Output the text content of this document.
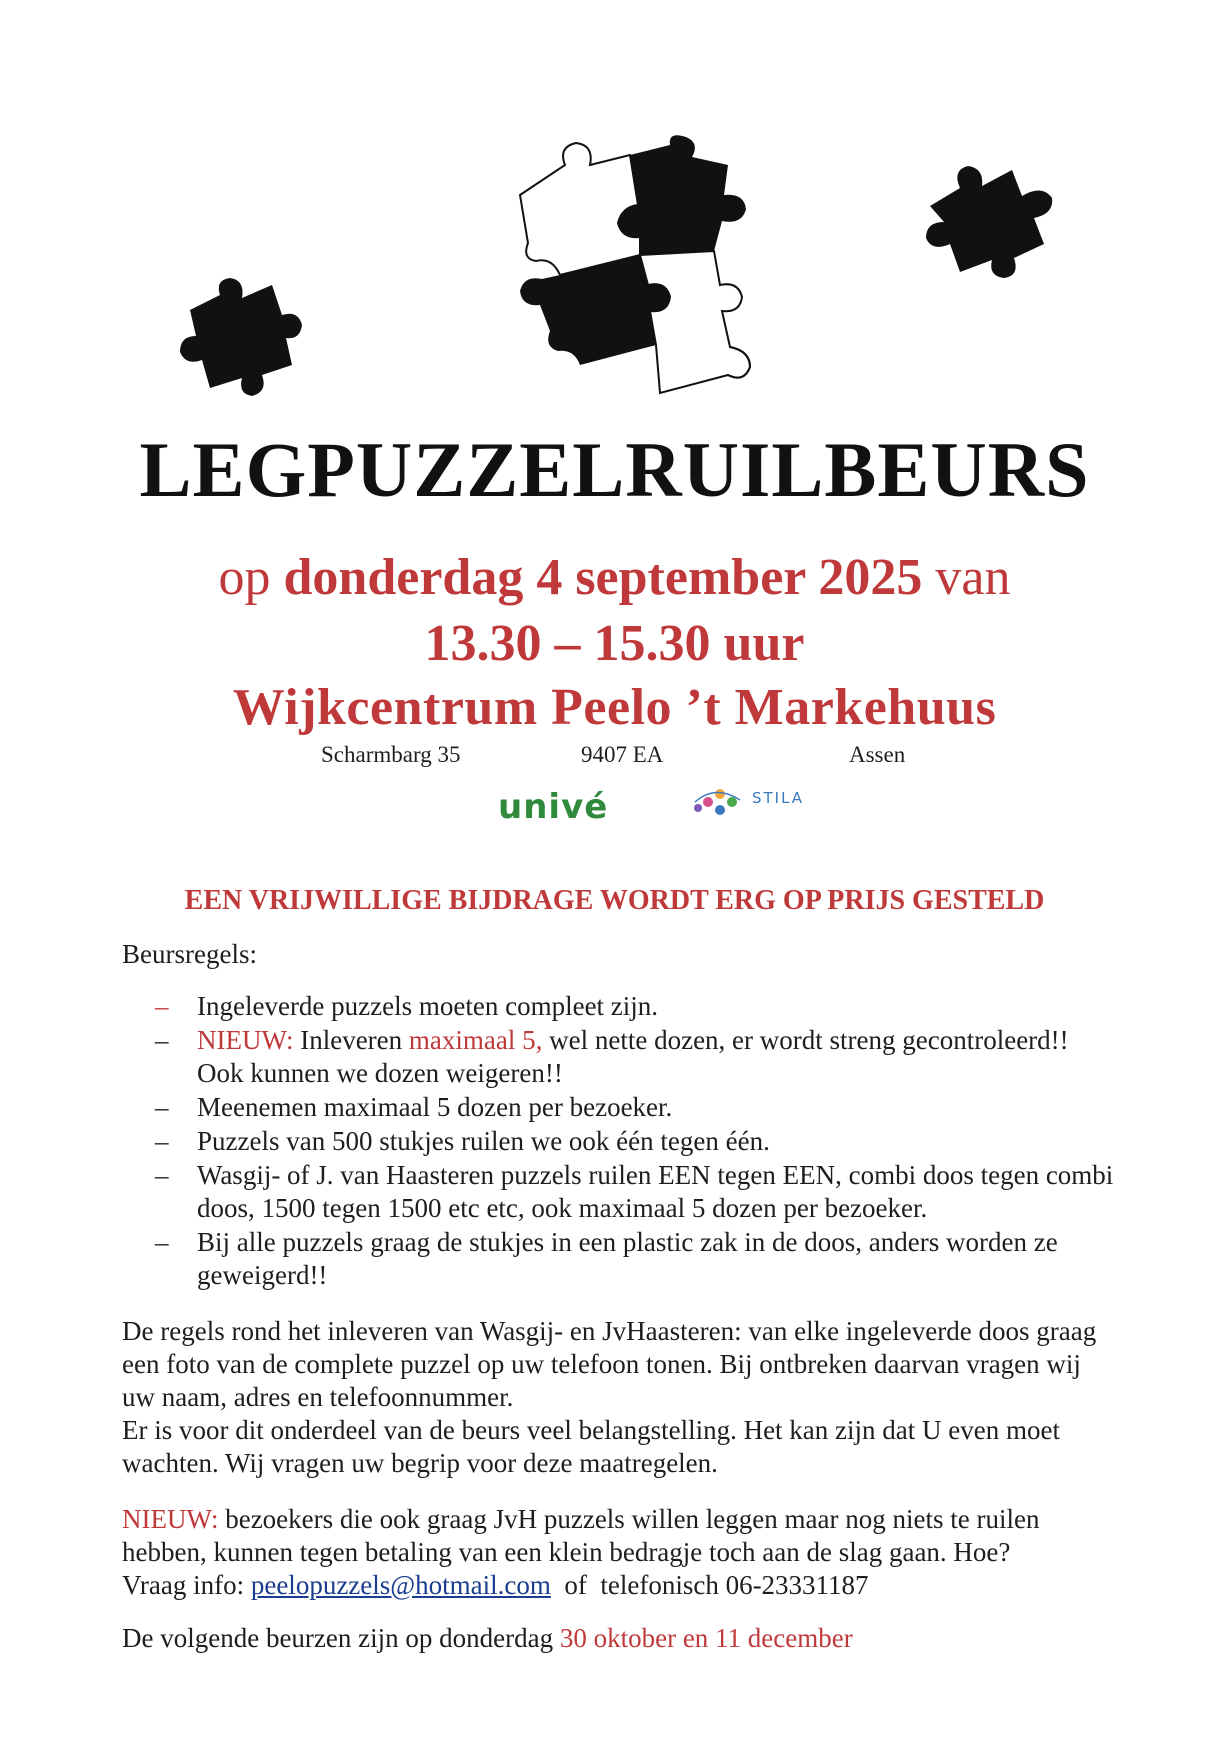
LEGPUZZELRUILBEURS
op donderdag 4 september 2025 van
13.30 – 15.30 uur
Wijkcentrum Peelo ’t Markehuus
Scharmbarg 35	9407 EA	Assen
univé	STILA
EEN VRIJWILLIGE BIJDRAGE WORDT ERG OP PRIJS GESTELD
Beursregels:
– Ingeleverde puzzels moeten compleet zijn.
– NIEUW: Inleveren maximaal 5, wel nette dozen, er wordt streng gecontroleerd!! Ook kunnen we dozen weigeren!!
– Meenemen maximaal 5 dozen per bezoeker.
– Puzzels van 500 stukjes ruilen we ook één tegen één.
– Wasgij- of J. van Haasteren puzzels ruilen EEN tegen EEN, combi doos tegen combi doos, 1500 tegen 1500 etc etc, ook maximaal 5 dozen per bezoeker.
– Bij alle puzzels graag de stukjes in een plastic zak in de doos, anders worden ze geweigerd!!
De regels rond het inleveren van Wasgij- en JvHaasteren: van elke ingeleverde doos graag een foto van de complete puzzel op uw telefoon tonen. Bij ontbreken daarvan vragen wij uw naam, adres en telefoonnummer.
Er is voor dit onderdeel van de beurs veel belangstelling. Het kan zijn dat U even moet wachten. Wij vragen uw begrip voor deze maatregelen.
NIEUW: bezoekers die ook graag JvH puzzels willen leggen maar nog niets te ruilen hebben, kunnen tegen betaling van een klein bedragje toch aan de slag gaan. Hoe?
Vraag info: peelopuzzels@hotmail.com  of  telefonisch 06-23331187
De volgende beurzen zijn op donderdag 30 oktober en 11 december
